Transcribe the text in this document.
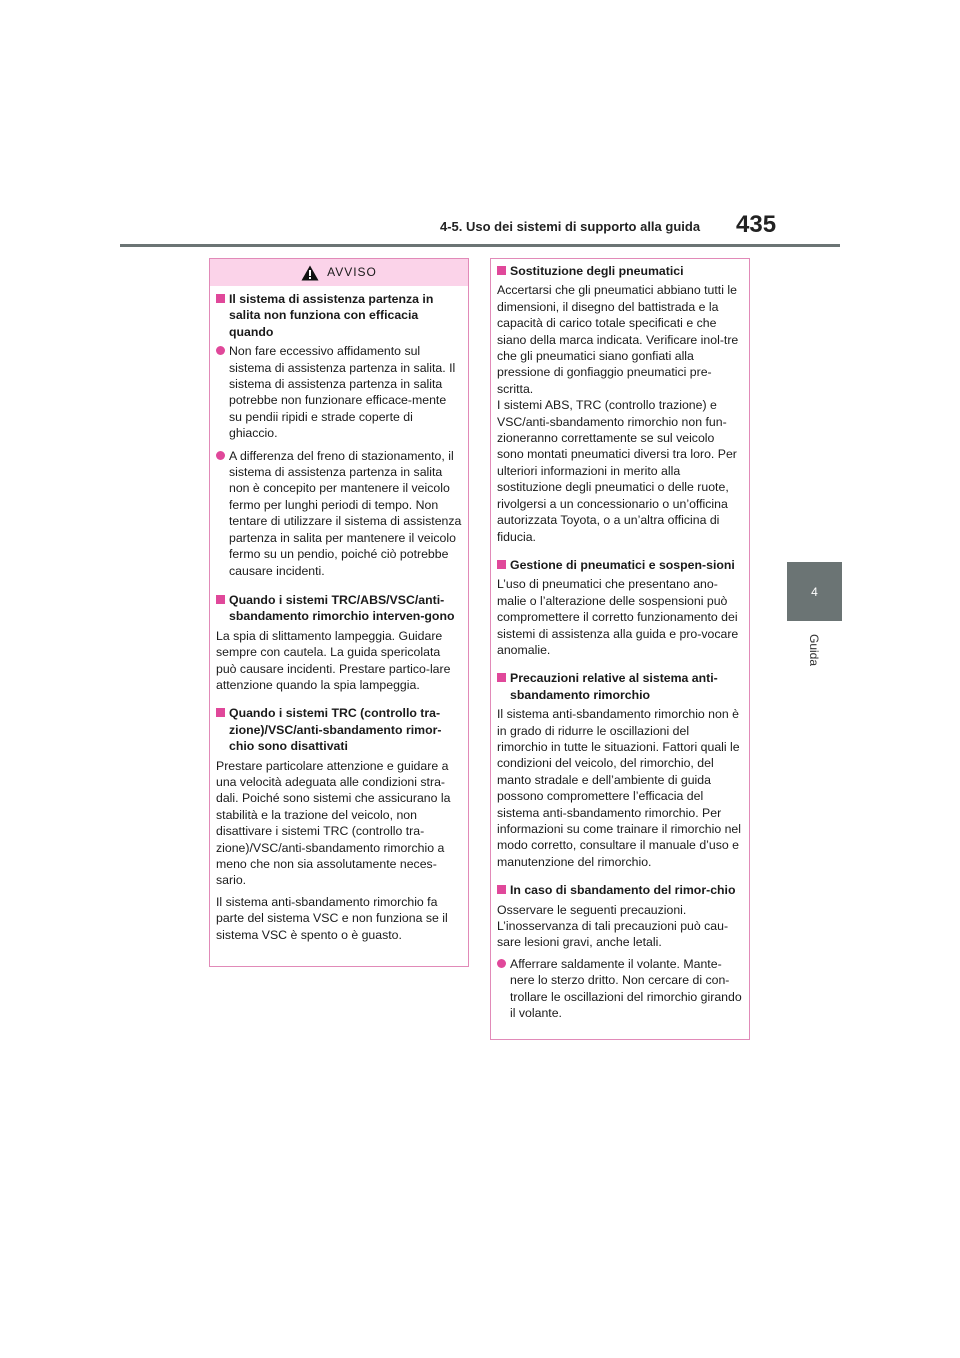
4-5. Uso dei sistemi di supporto alla guida 435
4
Guida
AVVISO
Il sistema di assistenza partenza in salita non funziona con efficacia quando
Non fare eccessivo affidamento sul sistema di assistenza partenza in salita. Il sistema di assistenza partenza in salita potrebbe non funzionare efficace-mente su pendii ripidi e strade coperte di ghiaccio.
A differenza del freno di stazionamento, il sistema di assistenza partenza in salita non è concepito per mantenere il veicolo fermo per lunghi periodi di tempo. Non tentare di utilizzare il sistema di assistenza partenza in salita per mantenere il veicolo fermo su un pendio, poiché ciò potrebbe causare incidenti.
Quando i sistemi TRC/ABS/VSC/anti-sbandamento rimorchio interven-gono
La spia di slittamento lampeggia. Guidare sempre con cautela. La guida spericolata può causare incidenti. Prestare partico-lare attenzione quando la spia lampeggia.
Quando i sistemi TRC (controllo tra-zione)/VSC/anti-sbandamento rimor-chio sono disattivati
Prestare particolare attenzione e guidare a una velocità adeguata alle condizioni stra-dali. Poiché sono sistemi che assicurano la stabilità e la trazione del veicolo, non disattivare i sistemi TRC (controllo tra-zione)/VSC/anti-sbandamento rimorchio a meno che non sia assolutamente neces-sario.
Il sistema anti-sbandamento rimorchio fa parte del sistema VSC e non funziona se il sistema VSC è spento o è guasto.
Sostituzione degli pneumatici
Accertarsi che gli pneumatici abbiano tutti le dimensioni, il disegno del battistrada e la capacità di carico totale specificati e che siano della marca indicata. Verificare inol-tre che gli pneumatici siano gonfiati alla pressione di gonfiaggio pneumatici pre-scritta.
I sistemi ABS, TRC (controllo trazione) e VSC/anti-sbandamento rimorchio non fun-zioneranno correttamente se sul veicolo sono montati pneumatici diversi tra loro. Per ulteriori informazioni in merito alla sostituzione degli pneumatici o delle ruote, rivolgersi a un concessionario o un’officina autorizzata Toyota, o a un’altra officina di fiducia.
Gestione di pneumatici e sospen-sioni
L’uso di pneumatici che presentano ano-malie o l’alterazione delle sospensioni può compromettere il corretto funzionamento dei sistemi di assistenza alla guida e pro-vocare anomalie.
Precauzioni relative al sistema anti-sbandamento rimorchio
Il sistema anti-sbandamento rimorchio non è in grado di ridurre le oscillazioni del rimorchio in tutte le situazioni. Fattori quali le condizioni del veicolo, del rimorchio, del manto stradale e dell’ambiente di guida possono compromettere l’efficacia del sistema anti-sbandamento rimorchio. Per informazioni su come trainare il rimorchio nel modo corretto, consultare il manuale d’uso e manutenzione del rimorchio.
In caso di sbandamento del rimor-chio
Osservare le seguenti precauzioni. L’inosservanza di tali precauzioni può cau-sare lesioni gravi, anche letali.
Afferrare saldamente il volante. Mante-nere lo sterzo dritto. Non cercare di con-trollare le oscillazioni del rimorchio girando il volante.
